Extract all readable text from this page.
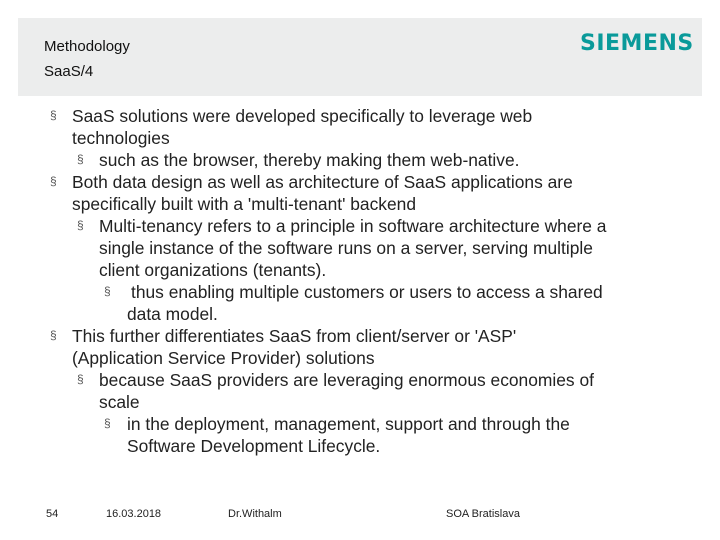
Methodology
SaaS/4
SIEMENS
§ SaaS solutions were developed specifically to leverage web
technologies
§ such as the browser, thereby making them web-native.
§ Both data design as well as architecture of SaaS applications are
specifically built with a 'multi-tenant' backend
§ Multi-tenancy refers to a principle in software architecture where a
single instance of the software runs on a server, serving multiple
client organizations (tenants).
§ thus enabling multiple customers or users to access a shared
data model.
§ This further differentiates SaaS from client/server or 'ASP'
(Application Service Provider) solutions
§ because SaaS providers are leveraging enormous economies of
scale
§ in the deployment, management, support and through the
Software Development Lifecycle.
54	16.03.2018	Dr.Withalm	SOA Bratislava
